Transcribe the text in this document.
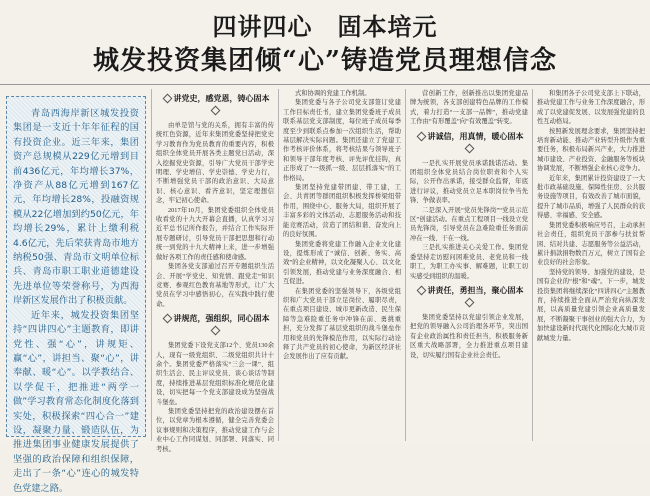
四讲四心　固本培元
城发投资集团倾“心”铸造党员理想信念

青岛西海岸新区城发投资集团是一支近十年年征程的国有投资企业。近三年来，集团资产总规模从229亿元增到目前436亿元，年均增长37%，净资产从88亿元增到167亿元，年均增长28%，投融资规模从22亿增加到约50亿元，年均增长29%，累计上缴利税4.6亿元，先后荣获青岛市地方纳税50强、青岛市文明单位标兵、青岛市职工职业道德建设先进单位等荣誉称号，为西海岸新区发展作出了积极贡献。

近年来，城发投资集团坚持“四讲四心”主题教育，即讲党性、强“心”，讲规矩、赢“心”，讲担当、聚“心”，讲奉献、暖“心”。以学教结合、以学促干，把推进“两学一做”学习教育常态化制度化落到实处，积极探索“四心合一”建设，凝聚力量、锻造队伍，为推进集团事业健康发展提供了坚强的政治保障和组织保障，走出了一条“心”连心的城发特色党建之路。

讲党史，感党恩，铸心固本

由单是馆与党的关系，拥有丰富的传统红色资源，近年来集团党委坚持把党史学习教育作为党员教育的重要内容，积极组织全体党员开展各类主题党日活动，深入挖掘党史资源，引导广大党员干部学史明理、学史增信、学史崇德、学史力行，不断增强党员干部的政治意识、大局意识、核心意识、看齐意识，坚定理想信念，牢记初心使命。

2017年10月，集团党委组织全体党员收看党的十九大开幕会直播，认真学习习近平总书记所作报告，并结合工作实际开展专题研讨，引导党员干部把思想和行动统一到党的十九大精神上来，进一步增强做好各项工作的责任感和使命感。

集团各党支部通过召开专题组织生活会、开展“学党史、知党情、跟党走”知识竞赛、参观红色教育基地等形式，让广大党员在学习中感悟初心，在实践中践行使命。

讲规范，强组织，同心固本

集团党委下设党支部12个、党员130余人，现有一级党组织、二级党组织共计十余个。集团党委严格落实“三会一课”、组织生活会、民主评议党员、谈心谈话等制度，持续推进基层党组织标准化规范化建设，切实把每一个党支部建设成为坚强战斗堡垒。

集团党委坚持把党的政治建设摆在首位，以党章为根本遵循，健全完善党委会议事规则和决策程序，推动党建工作与企业中心工作同谋划、同部署、同落实、同考核。

式和协调的党建工作机制。

集团党委与各子公司党支部签订党建工作目标责任书，建立集团党委班子成员联系基层党支部制度，每位班子成员每季度至少到联系点参加一次组织生活，帮助基层解决实际问题。集团还建立了党建工作考核评价体系，将考核结果与领导班子和领导干部年度考核、评先评优挂钩，真正形成了“一级抓一级、层层抓落实”的工作格局。

集团坚持党建带团建、带工建，工会、共青团等群团组织积极发挥桥梁纽带作用，围绕中心、服务大局，组织开展了丰富多彩的文体活动、志愿服务活动和技能竞赛活动，营造了团结和谐、奋发向上的良好氛围。

集团党委将党建工作融入企业文化建设，提炼形成了“诚信、创新、务实、高效”的企业精神，以文化凝聚人心、以文化引领发展，推动党建与业务深度融合、相互促进。

在集团党委的坚强领导下，各级党组织和广大党员干部立足岗位、履职尽责，在重点项目建设、城市更新改造、民生保障等急难险重任务中冲锋在前、勇挑重担，充分发挥了基层党组织的战斗堡垒作用和党员的先锋模范作用，以实际行动诠释了共产党员的初心使命，为新区经济社会发展作出了应有贡献。

营创新工作，创新推出以集团党建品牌为统领，各支部创建特色品牌的工作模式，着力打造“一支部一品牌”，推动党建工作由“有形覆盖”向“有效覆盖”转变。

讲诚信，用真情，暖心固本

一是扎实开展党员承诺践诺活动。集团组织全体党员结合岗位职责和个人实际，公开作出承诺，接受群众监督，年底进行评议，推动党员立足本职岗位争当先锋、争做表率。

二是深入开展“党员先锋岗”“党员示范区”创建活动。在重点工程项目一线设立党员先锋岗，引导党员在急难险重任务面前冲在一线、干在一线。

三是扎实推进关心关爱工作。集团党委坚持走访慰问困难党员、老党员和一线职工，为职工办实事、解难题，让职工切实感受到组织的温暖。

讲责任，勇担当，聚心固本

集团党委坚持以党建引领企业发展，把党的领导融入公司治理各环节，突出国有企业政治属性和责任担当，积极服务新区重大战略部署，全力推进重点项目建设，切实履行国有企业社会责任。

和集团各子公司党支部上下联动，推动党建工作与业务工作深度融合，形成了以党建促发展、以发展强党建的良性互动格局。

按照新发展理念要求，集团坚持把培育新动能、推动产业转型升级作为重要任务，积极布局新兴产业，大力推进城市建设、产业投资、金融服务等板块协调发展，不断增强企业核心竞争力。

近年来，集团累计投资建设了一大批市政基础设施、保障性住房、公共服务设施等项目，有效改善了城市面貌，提升了城市品质，增强了人民群众的获得感、幸福感、安全感。

集团党委积极响应号召，主动承担社会责任，组织党员干部参与扶贫帮困、结对共建、志愿服务等公益活动，累计捐款捐物数百万元，树立了国有企业良好的社会形象。

坚持党的领导、加强党的建设，是国有企业的“根”和“魂”。下一步，城发投资集团将继续深化“四讲四心”主题教育，持续推进全面从严治党向纵深发展，以高质量党建引领企业高质量发展，不断凝聚干事创业的强大合力，为加快建设新时代现代化国际化大城市贡献城发力量。
